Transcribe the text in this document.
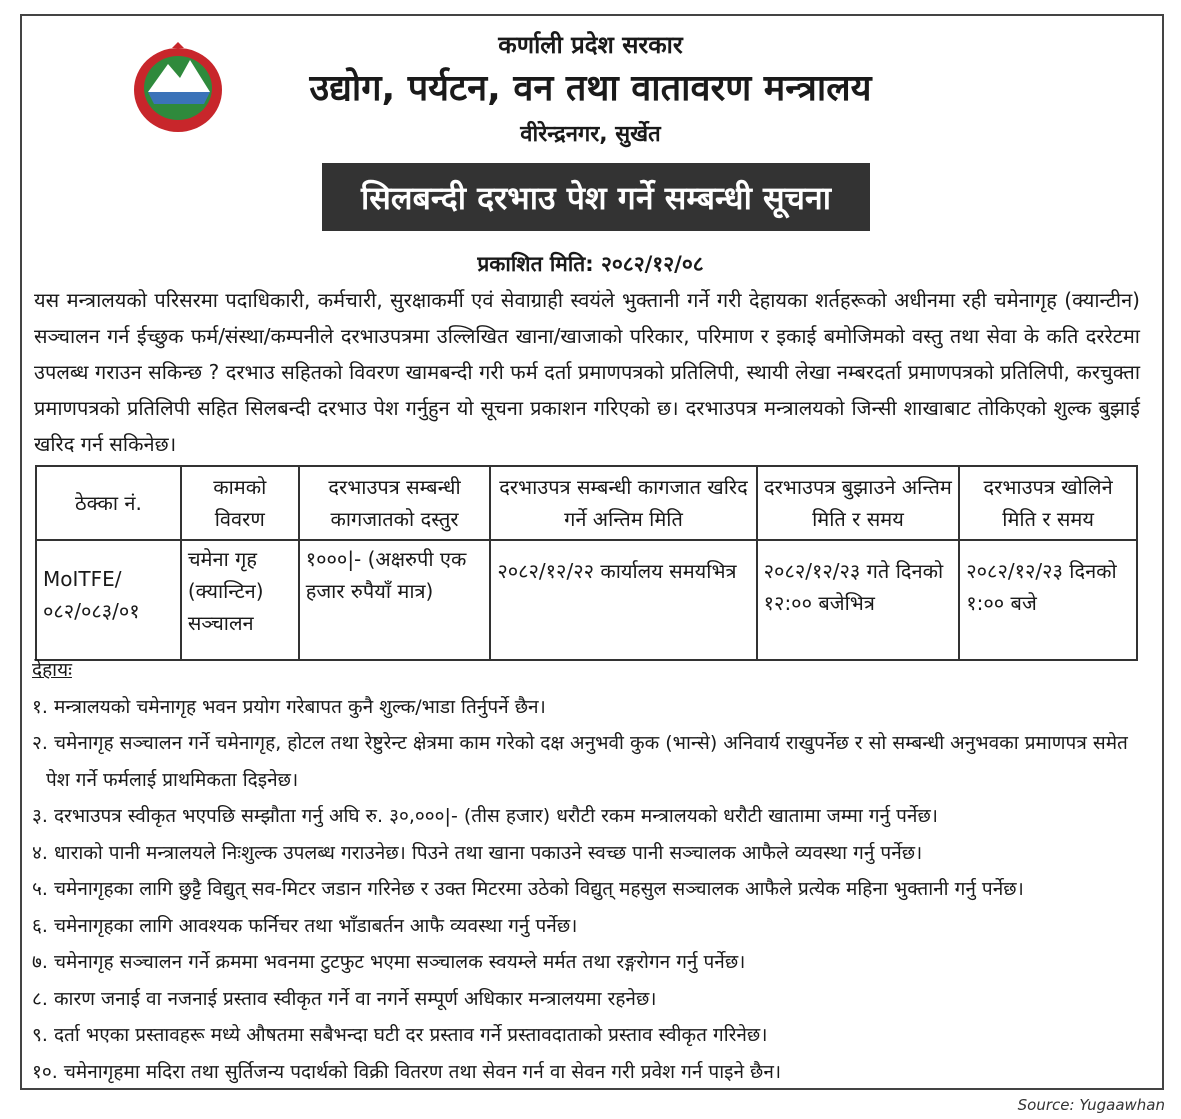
कर्णाली प्रदेश सरकार
उद्योग, पर्यटन, वन तथा वातावरण मन्त्रालय
वीरेन्द्रनगर, सुर्खेत
सिलबन्दी दरभाउ पेश गर्ने सम्बन्धी सूचना
प्रकाशित मिति: २०८२/१२/०८
यस मन्त्रालयको परिसरमा पदाधिकारी, कर्मचारी, सुरक्षाकर्मी एवं सेवाग्राही स्वयंले भुक्तानी गर्ने गरी देहायका शर्तहरूको अधीनमा रही चमेनागृह (क्यान्टीन) सञ्चालन गर्न ईच्छुक फर्म/संस्था/कम्पनीले दरभाउपत्रमा उल्लिखित खाना/खाजाको परिकार, परिमाण र इकाई बमोजिमको वस्तु तथा सेवा के कति दररेटमा उपलब्ध गराउन सकिन्छ ? दरभाउ सहितको विवरण खामबन्दी गरी फर्म दर्ता प्रमाणपत्रको प्रतिलिपी, स्थायी लेखा नम्बरदर्ता प्रमाणपत्रको प्रतिलिपी, करचुक्ता प्रमाणपत्रको प्रतिलिपी सहित सिलबन्दी दरभाउ पेश गर्नुहुन यो सूचना प्रकाशन गरिएको छ। दरभाउपत्र मन्त्रालयको जिन्सी शाखाबाट तोकिएको शुल्क बुझाई खरिद गर्न सकिनेछ।
ठेक्का नं.	कामको विवरण	दरभाउपत्र सम्बन्धी कागजातको दस्तुर	दरभाउपत्र सम्बन्धी कागजात खरिद गर्ने अन्तिम मिति	दरभाउपत्र बुझाउने अन्तिम मिति र समय	दरभाउपत्र खोलिने मिति र समय
MoITFE/ ०८२/०८३/०१	चमेना गृह (क्यान्टिन) सञ्चालन	१०००|- (अक्षरुपी एक हजार रुपैयाँ मात्र)	२०८२/१२/२२ कार्यालय समयभित्र	२०८२/१२/२३ गते दिनको १२:०० बजेभित्र	२०८२/१२/२३ दिनको १:०० बजे
देहायः
१. मन्त्रालयको चमेनागृह भवन प्रयोग गरेबापत कुनै शुल्क/भाडा तिर्नुपर्ने छैन।
२. चमेनागृह सञ्चालन गर्ने चमेनागृह, होटल तथा रेष्टुरेन्ट क्षेत्रमा काम गरेको दक्ष अनुभवी कुक (भान्से) अनिवार्य राखुपर्नेछ र सो सम्बन्धी अनुभवका प्रमाणपत्र समेत पेश गर्ने फर्मलाई प्राथमिकता दिइनेछ।
३. दरभाउपत्र स्वीकृत भएपछि सम्झौता गर्नु अघि रु. ३०,०००|- (तीस हजार) धरौटी रकम मन्त्रालयको धरौटी खातामा जम्मा गर्नु पर्नेछ।
४. धाराको पानी मन्त्रालयले निःशुल्क उपलब्ध गराउनेछ। पिउने तथा खाना पकाउने स्वच्छ पानी सञ्चालक आफैले व्यवस्था गर्नु पर्नेछ।
५. चमेनागृहका लागि छुट्टै विद्युत् सव-मिटर जडान गरिनेछ र उक्त मिटरमा उठेको विद्युत् महसुल सञ्चालक आफैले प्रत्येक महिना भुक्तानी गर्नु पर्नेछ।
६. चमेनागृहका लागि आवश्यक फर्निचर तथा भाँडाबर्तन आफै व्यवस्था गर्नु पर्नेछ।
७. चमेनागृह सञ्चालन गर्ने क्रममा भवनमा टुटफुट भएमा सञ्चालक स्वयम्ले मर्मत तथा रङ्गरोगन गर्नु पर्नेछ।
८. कारण जनाई वा नजनाई प्रस्ताव स्वीकृत गर्ने वा नगर्ने सम्पूर्ण अधिकार मन्त्रालयमा रहनेछ।
९. दर्ता भएका प्रस्तावहरू मध्ये औषतमा सबैभन्दा घटी दर प्रस्ताव गर्ने प्रस्तावदाताको प्रस्ताव स्वीकृत गरिनेछ।
१०. चमेनागृहमा मदिरा तथा सुर्तिजन्य पदार्थको विक्री वितरण तथा सेवन गर्न वा सेवन गरी प्रवेश गर्न पाइने छैन।
Source: Yugaawhan
